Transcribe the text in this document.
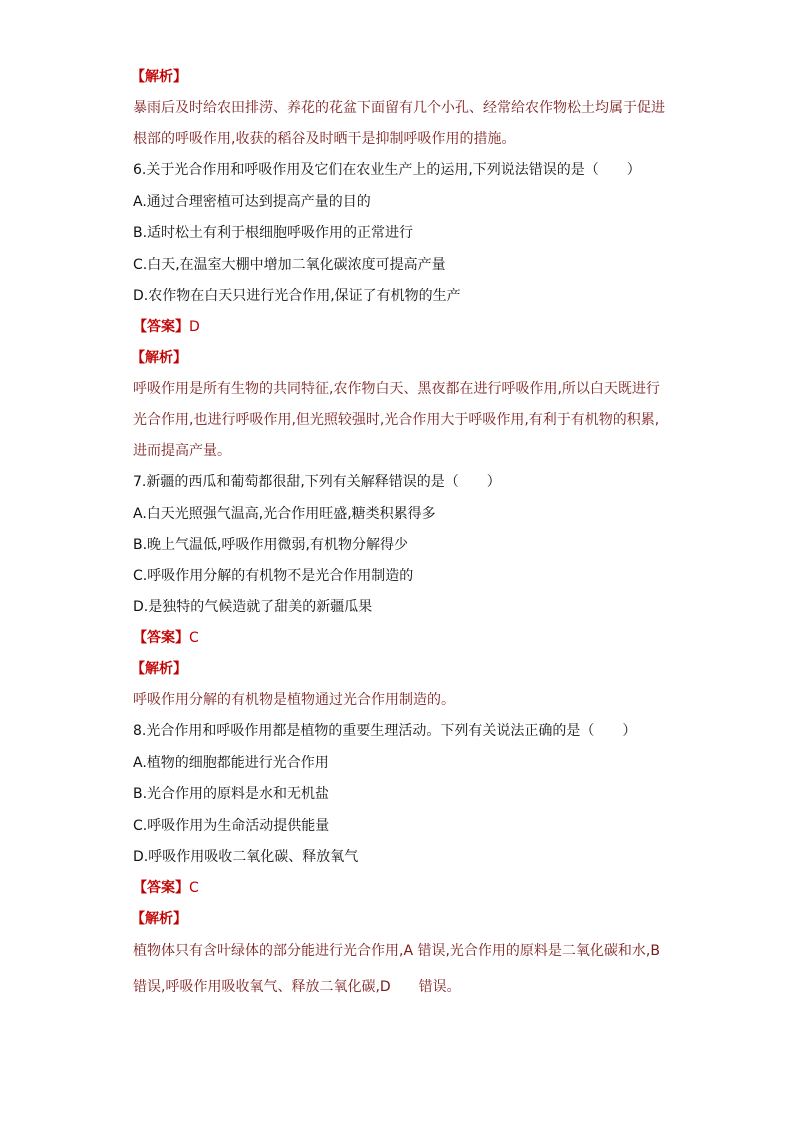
【解析】
暴雨后及时给农田排涝、养花的花盆下面留有几个小孔、经常给农作物松土均属于促进
根部的呼吸作用,收获的稻谷及时晒干是抑制呼吸作用的措施。
6.关于光合作用和呼吸作用及它们在农业生产上的运用,下列说法错误的是（　　）
A.通过合理密植可达到提高产量的目的
B.适时松土有利于根细胞呼吸作用的正常进行
C.白天,在温室大棚中增加二氧化碳浓度可提高产量
D.农作物在白天只进行光合作用,保证了有机物的生产
【答案】D
【解析】
呼吸作用是所有生物的共同特征,农作物白天、黑夜都在进行呼吸作用,所以白天既进行
光合作用,也进行呼吸作用,但光照较强时,光合作用大于呼吸作用,有利于有机物的积累,
进而提高产量。
7.新疆的西瓜和葡萄都很甜,下列有关解释错误的是（　　）
A.白天光照强气温高,光合作用旺盛,糖类积累得多
B.晚上气温低,呼吸作用微弱,有机物分解得少
C.呼吸作用分解的有机物不是光合作用制造的
D.是独特的气候造就了甜美的新疆瓜果
【答案】C
【解析】
呼吸作用分解的有机物是植物通过光合作用制造的。
8.光合作用和呼吸作用都是植物的重要生理活动。下列有关说法正确的是（　　）
A.植物的细胞都能进行光合作用
B.光合作用的原料是水和无机盐
C.呼吸作用为生命活动提供能量
D.呼吸作用吸收二氧化碳、释放氧气
【答案】C
【解析】
植物体只有含叶绿体的部分能进行光合作用,A 错误,光合作用的原料是二氧化碳和水,B
错误,呼吸作用吸收氧气、释放二氧化碳,D　　错误。
